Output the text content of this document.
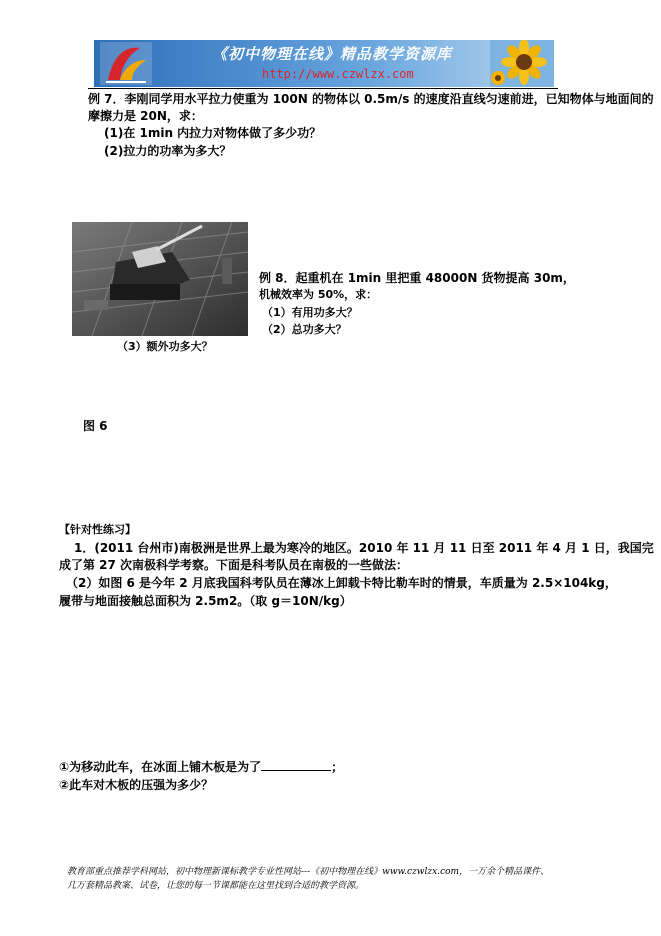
《初中物理在线》精品教学资源库
http://www.czwlzx.com
例 7．李刚同学用水平拉力使重为 100N 的物体以 0.5m/s 的速度沿直线匀速前进，已知物体与地面间的
摩擦力是 20N，求：
(1)在 1min 内拉力对物体做了多少功？
(2)拉力的功率为多大？
例 8．起重机在 1min 里把重 48000N 货物提高 30m，
机械效率为 50%，求：
（1）有用功多大？
（2）总功多大？
（3）额外功多大？
图 6
【针对性练习】
1．(2011 台州市)南极洲是世界上最为寒冷的地区。2010 年 11 月 11 日至 2011 年 4 月 1 日，我国完
成了第 27 次南极科学考察。下面是科考队员在南极的一些做法：
（2）如图 6 是今年 2 月底我国科考队员在薄冰上卸载卡特比勒车时的情景，车质量为 2.5×104kg，
履带与地面接触总面积为 2.5m2。（取 g＝10N/kg）
①为移动此车，在冰面上铺木板是为了	；
②此车对木板的压强为多少？
教育部重点推荐学科网站，初中物理新课标教学专业性网站---《初中物理在线》www.czwlzx.com，一万余个精品课件、
几万套精品教案、试卷，让您的每一节课都能在这里找到合适的教学资源。
